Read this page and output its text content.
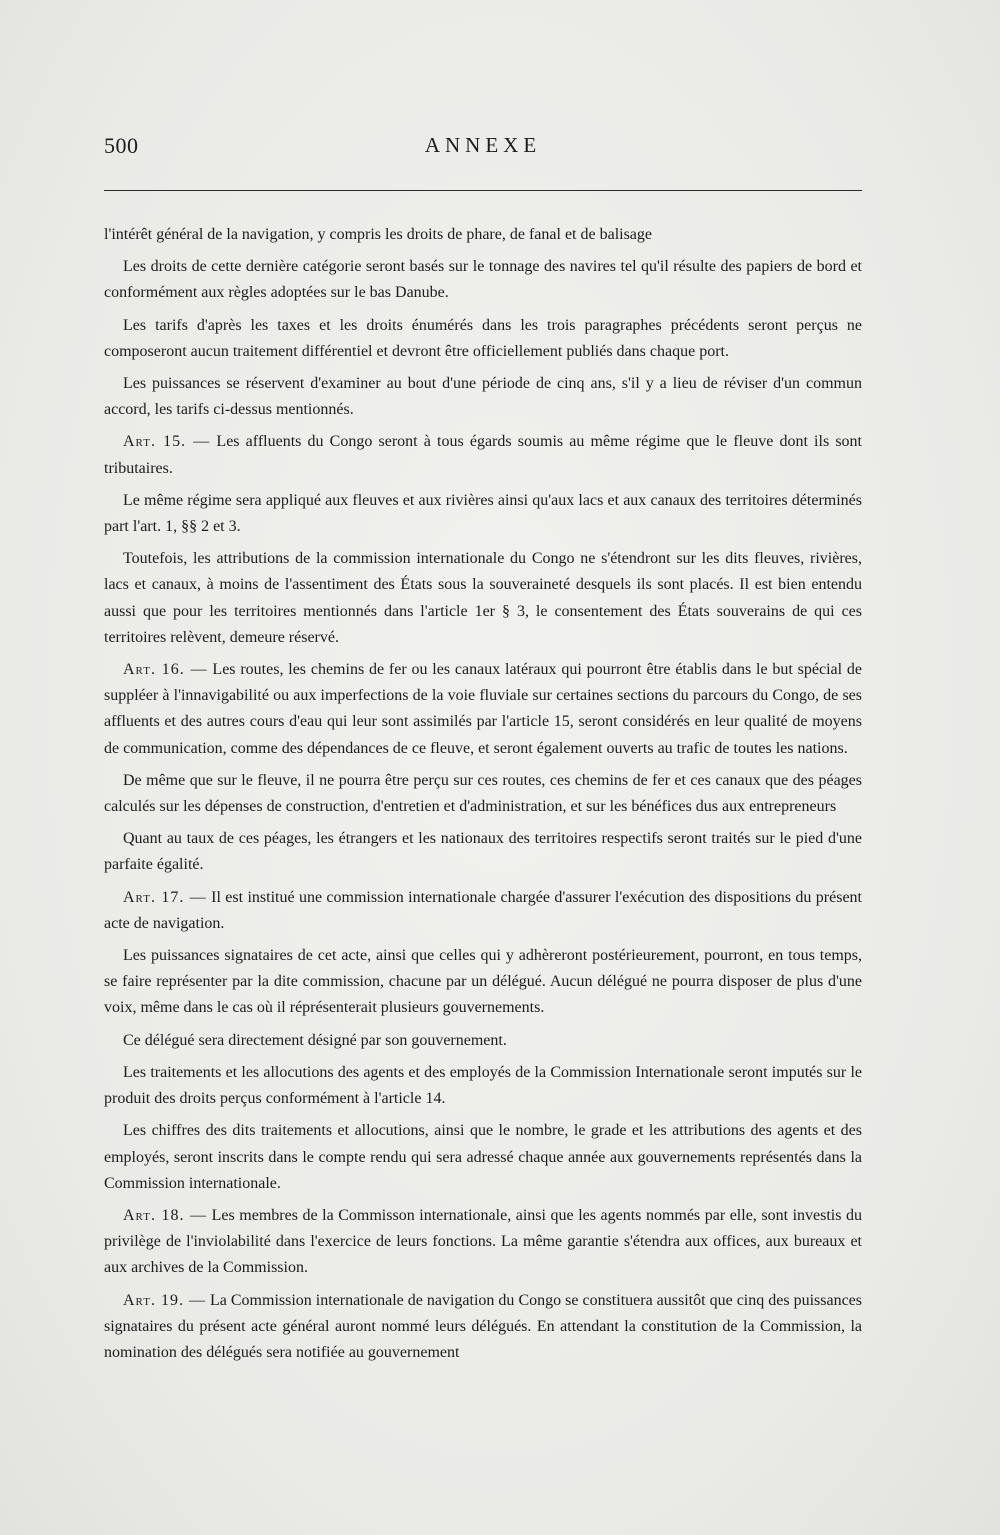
500	ANNEXE

l'intérêt général de la navigation, y compris les droits de phare, de fanal et de balisage

Les droits de cette dernière catégorie seront basés sur le tonnage des navires tel qu'il résulte des papiers de bord et conformément aux règles adoptées sur le bas Danube.

Les tarifs d'après les taxes et les droits énumérés dans les trois paragraphes précédents seront perçus ne composeront aucun traitement différentiel et devront être officiellement publiés dans chaque port.

Les puissances se réservent d'examiner au bout d'une période de cinq ans, s'il y a lieu de réviser d'un commun accord, les tarifs ci-dessus mentionnés.

Art. 15. — Les affluents du Congo seront à tous égards soumis au même régime que le fleuve dont ils sont tributaires.

Le même régime sera appliqué aux fleuves et aux rivières ainsi qu'aux lacs et aux canaux des territoires déterminés part l'art. 1, §§ 2 et 3.

Toutefois, les attributions de la commission internationale du Congo ne s'étendront sur les dits fleuves, rivières, lacs et canaux, à moins de l'assentiment des États sous la souveraineté desquels ils sont placés. Il est bien entendu aussi que pour les territoires mentionnés dans l'article 1er § 3, le consentement des États souverains de qui ces territoires relèvent, demeure réservé.

Art. 16. — Les routes, les chemins de fer ou les canaux latéraux qui pourront être établis dans le but spécial de suppléer à l'innavigabilité ou aux imperfections de la voie fluviale sur certaines sections du parcours du Congo, de ses affluents et des autres cours d'eau qui leur sont assimilés par l'article 15, seront considérés en leur qualité de moyens de communication, comme des dépendances de ce fleuve, et seront également ouverts au trafic de toutes les nations.

De même que sur le fleuve, il ne pourra être perçu sur ces routes, ces chemins de fer et ces canaux que des péages calculés sur les dépenses de construction, d'entretien et d'administration, et sur les bénéfices dus aux entrepreneurs

Quant au taux de ces péages, les étrangers et les nationaux des territoires respectifs seront traités sur le pied d'une parfaite égalité.

Art. 17. — Il est institué une commission internationale chargée d'assurer l'exécution des dispositions du présent acte de navigation.

Les puissances signataires de cet acte, ainsi que celles qui y adhèreront postérieurement, pourront, en tous temps, se faire représenter par la dite commission, chacune par un délégué. Aucun délégué ne pourra disposer de plus d'une voix, même dans le cas où il réprésenterait plusieurs gouvernements.

Ce délégué sera directement désigné par son gouvernement.

Les traitements et les allocutions des agents et des employés de la Commission Internationale seront imputés sur le produit des droits perçus conformément à l'article 14.

Les chiffres des dits traitements et allocutions, ainsi que le nombre, le grade et les attributions des agents et des employés, seront inscrits dans le compte rendu qui sera adressé chaque année aux gouvernements représentés dans la Commission internationale.

Art. 18. — Les membres de la Commisson internationale, ainsi que les agents nommés par elle, sont investis du privilège de l'inviolabilité dans l'exercice de leurs fonctions. La même garantie s'étendra aux offices, aux bureaux et aux archives de la Commission.

Art. 19. — La Commission internationale de navigation du Congo se constituera aussitôt que cinq des puissances signataires du présent acte général auront nommé leurs délégués. En attendant la constitution de la Commission, la nomination des délégués sera notifiée au gouvernement
